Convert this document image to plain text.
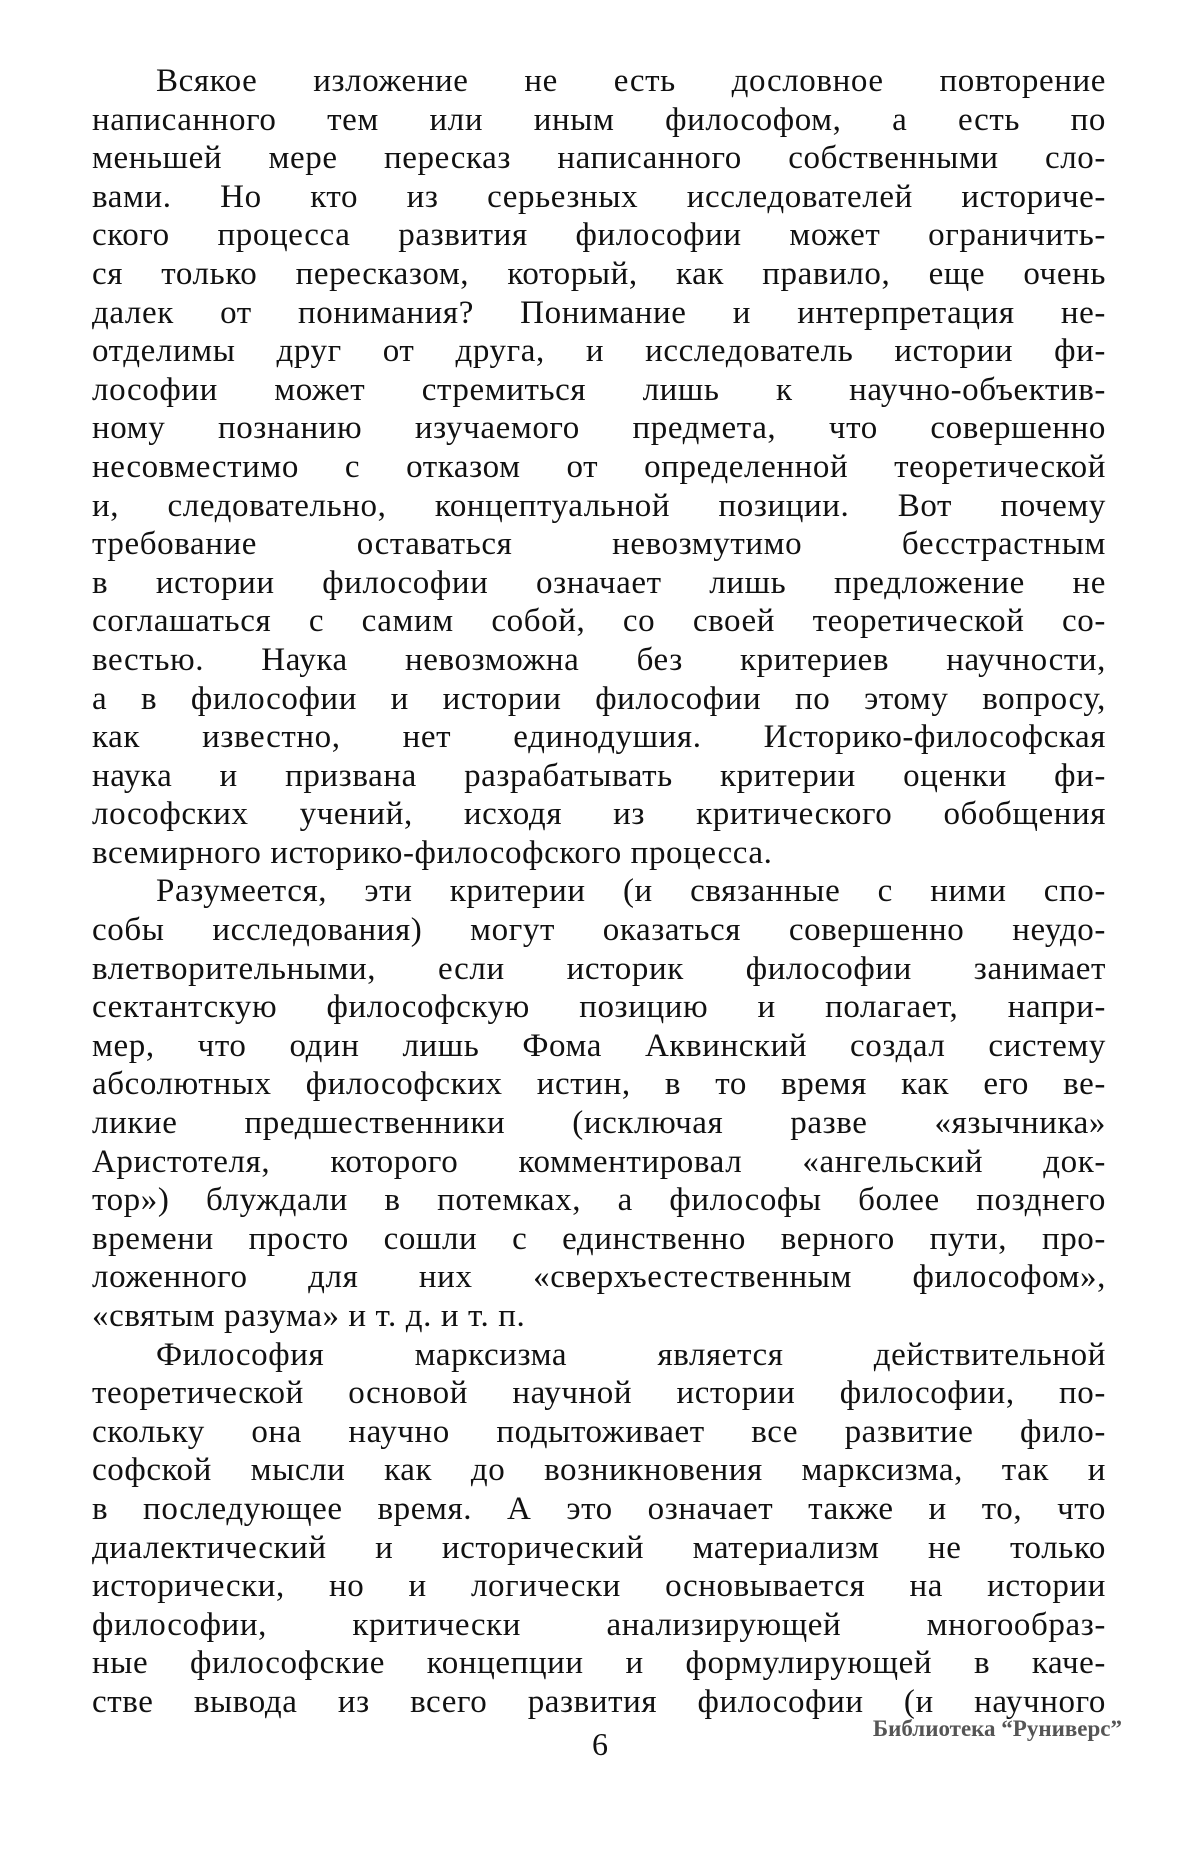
Всякое изложение не есть дословное повторение
написанного тем или иным философом, а есть по
меньшей мере пересказ написанного собственными сло-
вами. Но кто из серьезных исследователей историче-
ского процесса развития философии может ограничить-
ся только пересказом, который, как правило, еще очень
далек от понимания? Понимание и интерпретация не-
отделимы друг от друга, и исследователь истории фи-
лософии может стремиться лишь к научно-объектив-
ному познанию изучаемого предмета, что совершенно
несовместимо с отказом от определенной теоретической
и, следовательно, концептуальной позиции. Вот почему
требование оставаться невозмутимо бесстрастным
в истории философии означает лишь предложение не
соглашаться с самим собой, со своей теоретической со-
вестью. Наука невозможна без критериев научности,
а в философии и истории философии по этому вопросу,
как известно, нет единодушия. Историко-философская
наука и призвана разрабатывать критерии оценки фи-
лософских учений, исходя из критического обобщения
всемирного историко-философского процесса.
Разумеется, эти критерии (и связанные с ними спо-
собы исследования) могут оказаться совершенно неудо-
влетворительными, если историк философии занимает
сектантскую философскую позицию и полагает, напри-
мер, что один лишь Фома Аквинский создал систему
абсолютных философских истин, в то время как его ве-
ликие предшественники (исключая разве «язычника»
Аристотеля, которого комментировал «ангельский док-
тор») блуждали в потемках, а философы более позднего
времени просто сошли с единственно верного пути, про-
ложенного для них «сверхъестественным философом»,
«святым разума» и т. д. и т. п.
Философия марксизма является действительной
теоретической основой научной истории философии, по-
скольку она научно подытоживает все развитие фило-
софской мысли как до возникновения марксизма, так и
в последующее время. А это означает также и то, что
диалектический и исторический материализм не только
исторически, но и логически основывается на истории
философии, критически анализирующей многообраз-
ные философские концепции и формулирующей в каче-
стве вывода из всего развития философии (и научного
6	Библиотека “Руниверс”
